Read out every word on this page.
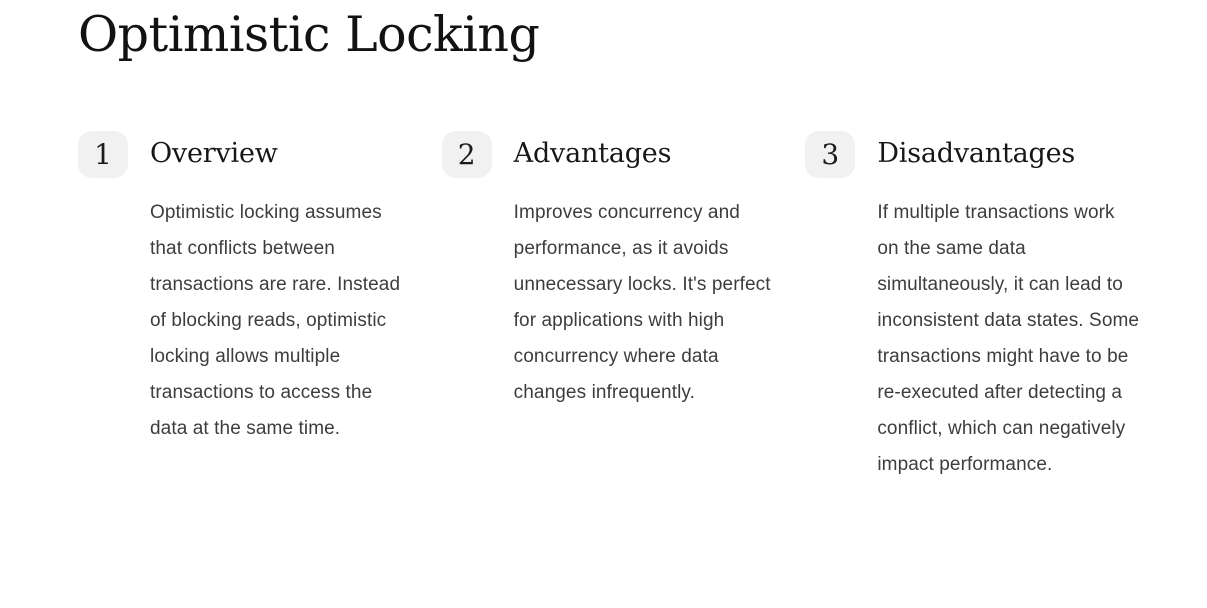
Optimistic Locking
1	Overview

Optimistic locking assumes that conflicts between transactions are rare. Instead of blocking reads, optimistic locking allows multiple transactions to access the data at the same time.

2	Advantages

Improves concurrency and performance, as it avoids unnecessary locks. It's perfect for applications with high concurrency where data changes infrequently.

3	Disadvantages

If multiple transactions work on the same data simultaneously, it can lead to inconsistent data states. Some transactions might have to be re-executed after detecting a conflict, which can negatively impact performance.
